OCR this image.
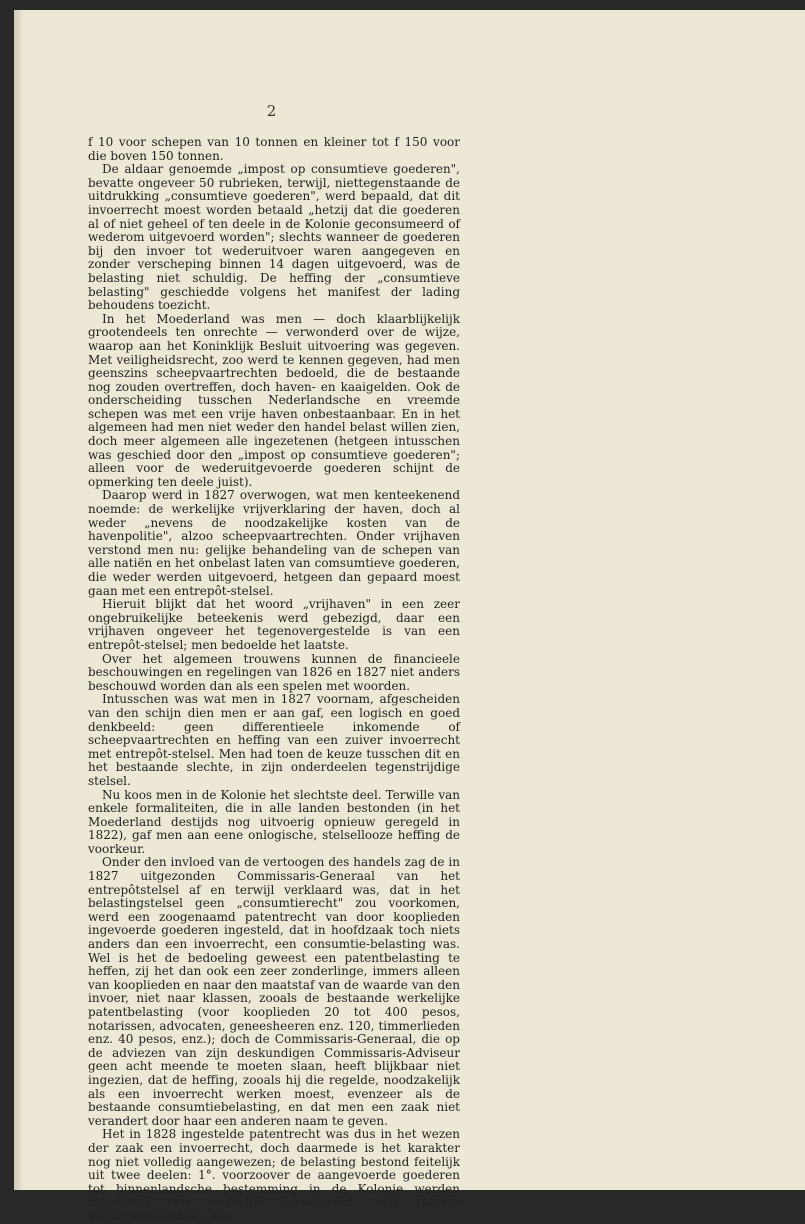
2

f 10 voor schepen van 10 tonnen en kleiner tot f 150 voor die boven 150 tonnen.

De aldaar genoemde „impost op consumtieve goederen", bevatte ongeveer 50 rubrieken, terwijl, niettegenstaande de uitdrukking „consumtieve goederen", werd bepaald, dat dit invoerrecht moest worden betaald „hetzij dat die goederen al of niet geheel of ten deele in de Kolonie geconsumeerd of wederom uitgevoerd worden"; slechts wanneer de goederen bij den invoer tot wederuitvoer waren aangegeven en zonder verscheping binnen 14 dagen uitgevoerd, was de belasting niet schuldig. De heffing der „consumtieve belasting" geschiedde volgens het manifest der lading behoudens toezicht.

In het Moederland was men — doch klaarblijkelijk grootendeels ten onrechte — verwonderd over de wijze, waarop aan het Koninklijk Besluit uitvoering was gegeven. Met veiligheidsrecht, zoo werd te kennen gegeven, had men geenszins scheepvaartrechten bedoeld, die de bestaande nog zouden overtreffen, doch haven- en kaaigelden. Ook de onderscheiding tusschen Nederlandsche en vreemde schepen was met een vrije haven onbestaanbaar. En in het algemeen had men niet weder den handel belast willen zien, doch meer algemeen alle ingezetenen (hetgeen intusschen was geschied door den „impost op consumtieve goederen"; alleen voor de wederuitgevoerde goederen schijnt de opmerking ten deele juist).

Daarop werd in 1827 overwogen, wat men kenteekenend noemde: de werkelijke vrijverklaring der haven, doch al weder „nevens de noodzakelijke kosten van de havenpolitie", alzoo scheepvaartrechten. Onder vrijhaven verstond men nu: gelijke behandeling van de schepen van alle natiën en het onbelast laten van comsumtieve goederen, die weder werden uitgevoerd, hetgeen dan gepaard moest gaan met een entrepôt-stelsel.

Hieruit blijkt dat het woord „vrijhaven" in een zeer ongebruikelijke beteekenis werd gebezigd, daar een vrijhaven ongeveer het tegenovergestelde is van een entrepôt-stelsel; men bedoelde het laatste.

Over het algemeen trouwens kunnen de financieele beschouwingen en regelingen van 1826 en 1827 niet anders beschouwd worden dan als een spelen met woorden.

Intusschen was wat men in 1827 voornam, afgescheiden van den schijn dien men er aan gaf, een logisch en goed denkbeeld: geen differentieele inkomende of scheepvaartrechten en heffing van een zuiver invoerrecht met entrepôt-stelsel. Men had toen de keuze tusschen dit en het bestaande slechte, in zijn onderdeelen tegenstrijdige stelsel.

Nu koos men in de Kolonie het slechtste deel. Terwille van enkele formaliteiten, die in alle landen bestonden (in het Moederland destijds nog uitvoerig opnieuw geregeld in 1822), gaf men aan eene onlogische, stelsellooze heffing de voorkeur.

Onder den invloed van de vertoogen des handels zag de in 1827 uitgezonden Commissaris-Generaal van het entrepôtstelsel af en terwijl verklaard was, dat in het belastingstelsel geen „consumtierecht" zou voorkomen, werd een zoogenaamd patentrecht van door kooplieden ingevoerde goederen ingesteld, dat in hoofdzaak toch niets anders dan een invoerrecht, een consumtie-belasting was. Wel is het de bedoeling geweest een patentbelasting te heffen, zij het dan ook een zeer zonderlinge, immers alleen van kooplieden en naar den maatstaf van de waarde van den invoer, niet naar klassen, zooals de bestaande werkelijke patentbelasting (voor kooplieden 20 tot 400 pesos, notarissen, advocaten, geneesheeren enz. 120, timmerlieden enz. 40 pesos, enz.); doch de Commissaris-Generaal, die op de adviezen van zijn deskundigen Commissaris-Adviseur geen acht meende te moeten slaan, heeft blijkbaar niet ingezien, dat de heffing, zooals hij die regelde, noodzakelijk als een invoerrecht werken moest, evenzeer als de bestaande consumtiebelasting, en dat men een zaak niet verandert door haar een anderen naam te geven.

Het in 1828 ingestelde patentrecht was dus in het wezen der zaak een invoerrecht, doch daarmede is het karakter nog niet volledig aangewezen; de belasting bestond feitelijk uit twee deelen: 1°. voorzoover de aangevoerde goederen tot binnenlandsche bestemming in de Kolonie werden ingevoerd een werkelijk invoerrecht, een zuivere verbruiksbelasting, die
